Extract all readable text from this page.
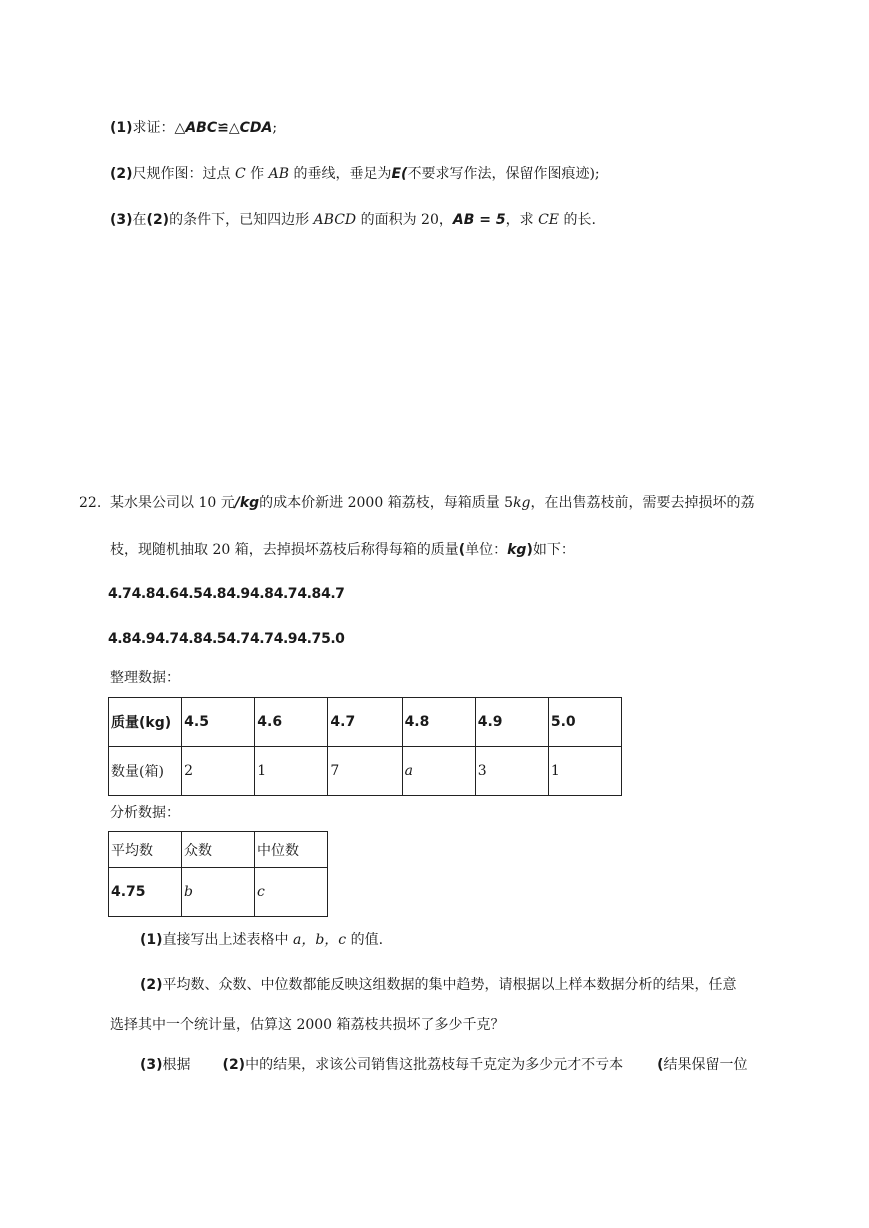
(1)求证：△ABC≌△CDA;
(2)尺规作图：过点 C 作 AB 的垂线，垂足为E(不要求写作法，保留作图痕迹);
(3)在(2)的条件下，已知四边形 ABCD 的面积为 20，AB = 5，求 CE 的长.
22. 某水果公司以 10 元/kg的成本价新进 2000 箱荔枝，每箱质量 5kg，在出售荔枝前，需要去掉损坏的荔
枝，现随机抽取 20 箱，去掉损坏荔枝后称得每箱的质量(单位：kg)如下：
4.7 4.8 4.6 4.5 4.8 4.9 4.8 4.7 4.8 4.7
4.8 4.9 4.7 4.8 4.5 4.7 4.7 4.9 4.7 5.0
整理数据：
质量(kg)	4.5	4.6	4.7	4.8	4.9	5.0
数量(箱)	2	1	7	a	3	1
分析数据：
平均数	众数	中位数
4.75	b	c
(1)直接写出上述表格中 a，b，c 的值.
(2)平均数、众数、中位数都能反映这组数据的集中趋势，请根据以上样本数据分析的结果，任意
选择其中一个统计量，估算这 2000 箱荔枝共损坏了多少千克？
(3)根据 (2)中的结果，求该公司销售这批荔枝每千克定为多少元才不亏本 (结果保留一位
